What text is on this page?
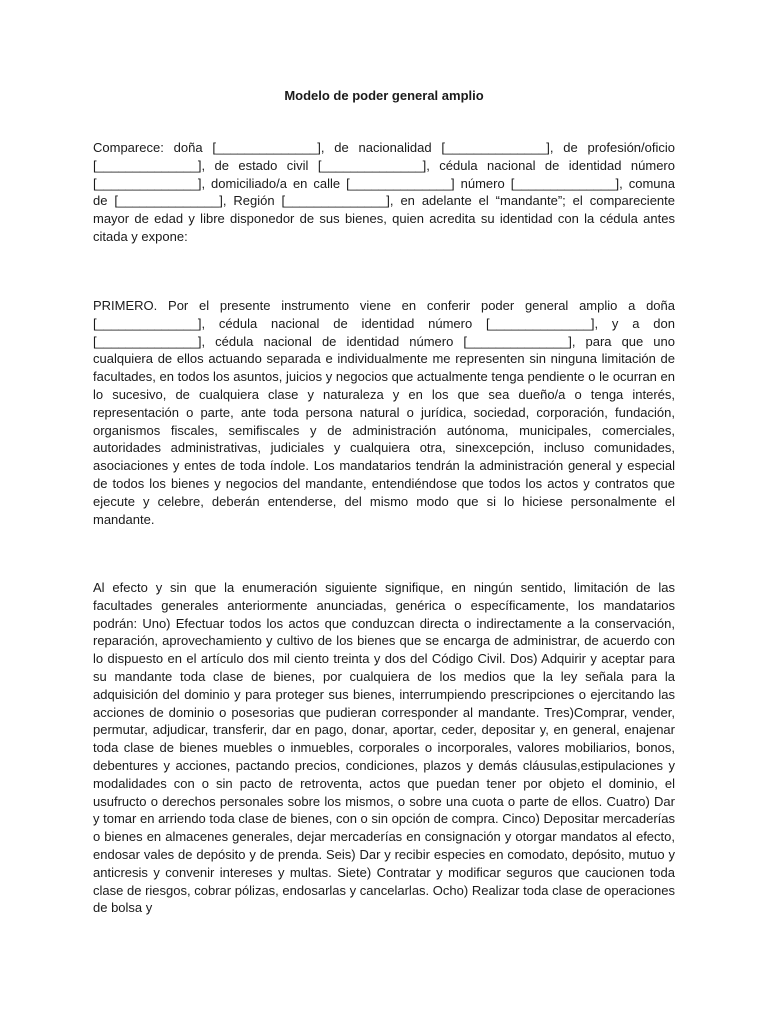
Modelo de poder general amplio

Comparece: doña [______________], de nacionalidad [______________], de profesión/oficio [______________], de estado civil [______________], cédula nacional de identidad número [______________], domiciliado/a en calle [______________] número [______________], comuna de [______________], Región [______________], en adelante el “mandante”; el compareciente mayor de edad y libre disponedor de sus bienes, quien acredita su identidad con la cédula antes citada y expone:

PRIMERO. Por el presente instrumento viene en conferir poder general amplio a doña [______________], cédula nacional de identidad número [______________], y a don [______________], cédula nacional de identidad número [______________], para que uno cualquiera de ellos actuando separada e individualmente me representen sin ninguna limitación de facultades, en todos los asuntos, juicios y negocios que actualmente tenga pendiente o le ocurran en lo sucesivo, de cualquiera clase y naturaleza y en los que sea dueño/a o tenga interés, representación o parte, ante toda persona natural o jurídica, sociedad, corporación, fundación, organismos fiscales, semifiscales y de administración autónoma, municipales, comerciales, autoridades administrativas, judiciales y cualquiera otra, sinexcepción, incluso comunidades, asociaciones y entes de toda índole. Los mandatarios tendrán la administración general y especial de todos los bienes y negocios del mandante, entendiéndose que todos los actos y contratos que ejecute y celebre, deberán entenderse, del mismo modo que si lo hiciese personalmente el mandante.

Al efecto y sin que la enumeración siguiente signifique, en ningún sentido, limitación de las facultades generales anteriormente anunciadas, genérica o específicamente, los mandatarios podrán: Uno) Efectuar todos los actos que conduzcan directa o indirectamente a la conservación, reparación, aprovechamiento y cultivo de los bienes que se encarga de administrar, de acuerdo con lo dispuesto en el artículo dos mil ciento treinta y dos del Código Civil. Dos) Adquirir y aceptar para su mandante toda clase de bienes, por cualquiera de los medios que la ley señala para la adquisición del dominio y para proteger sus bienes, interrumpiendo prescripciones o ejercitando las acciones de dominio o posesorias que pudieran corresponder al mandante. Tres)Comprar, vender, permutar, adjudicar, transferir, dar en pago, donar, aportar, ceder, depositar y, en general, enajenar toda clase de bienes muebles o inmuebles, corporales o incorporales, valores mobiliarios, bonos, debentures y acciones, pactando precios, condiciones, plazos y demás cláusulas,estipulaciones y modalidades con o sin pacto de retroventa, actos que puedan tener por objeto el dominio, el usufructo o derechos personales sobre los mismos, o sobre una cuota o parte de ellos. Cuatro) Dar y tomar en arriendo toda clase de bienes, con o sin opción de compra. Cinco) Depositar mercaderías o bienes en almacenes generales, dejar mercaderías en consignación y otorgar mandatos al efecto, endosar vales de depósito y de prenda. Seis) Dar y recibir especies en comodato, depósito, mutuo y anticresis y convenir intereses y multas. Siete) Contratar y modificar seguros que caucionen toda clase de riesgos, cobrar pólizas, endosarlas y cancelarlas. Ocho) Realizar toda clase de operaciones de bolsa y
